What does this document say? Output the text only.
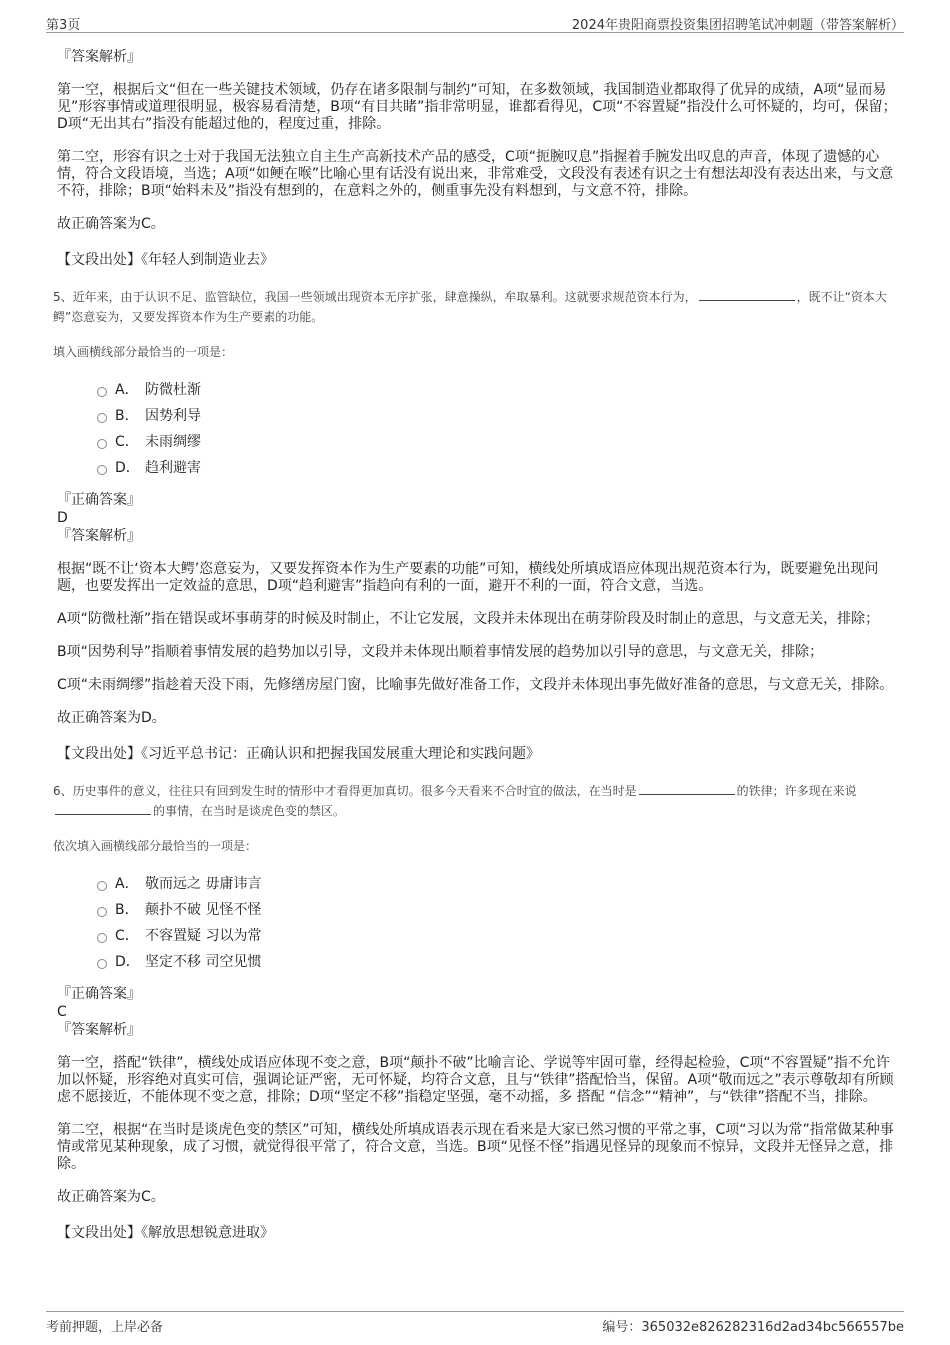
第3页	2024年贵阳商票投资集团招聘笔试冲刺题（带答案解析）

『答案解析』

第一空，根据后文“但在一些关键技术领域，仍存在诸多限制与制约”可知，在多数领域，我国制造业都取得了优异的成绩，A项“显而易见”形容事情或道理很明显，极容易看清楚，B项“有目共睹”指非常明显，谁都看得见，C项“不容置疑”指没什么可怀疑的，均可，保留；D项“无出其右”指没有能超过他的，程度过重，排除。

第二空，形容有识之士对于我国无法独立自主生产高新技术产品的感受，C项“扼腕叹息”指握着手腕发出叹息的声音，体现了遗憾的心情，符合文段语境，当选；A项“如鲠在喉”比喻心里有话没有说出来，非常难受，文段没有表述有识之士有想法却没有表达出来，与文意不符，排除；B项“始料未及”指没有想到的，在意料之外的，侧重事先没有料想到，与文意不符，排除。

故正确答案为C。

【文段出处】《年轻人到制造业去》

5、近年来，由于认识不足、监管缺位，我国一些领域出现资本无序扩张，肆意操纵，牟取暴利。这就要求规范资本行为，	，既不让“资本大鳄”恣意妄为，又要发挥资本作为生产要素的功能。

填入画横线部分最恰当的一项是：

A． 防微杜渐
B． 因势利导
C． 未雨绸缪
D． 趋利避害

『正确答案』

D

『答案解析』

根据“既不让‘资本大鳄’恣意妄为，又要发挥资本作为生产要素的功能”可知，横线处所填成语应体现出规范资本行为，既要避免出现问题，也要发挥出一定效益的意思，D项“趋利避害”指趋向有利的一面，避开不利的一面，符合文意，当选。

A项“防微杜渐”指在错误或坏事萌芽的时候及时制止，不让它发展，文段并未体现出在萌芽阶段及时制止的意思，与文意无关，排除；

B项“因势利导”指顺着事情发展的趋势加以引导，文段并未体现出顺着事情发展的趋势加以引导的意思，与文意无关，排除；

C项“未雨绸缪”指趁着天没下雨，先修缮房屋门窗，比喻事先做好准备工作，文段并未体现出事先做好准备的意思，与文意无关，排除。

故正确答案为D。

【文段出处】《习近平总书记：正确认识和把握我国发展重大理论和实践问题》

6、历史事件的意义，往往只有回到发生时的情形中才看得更加真切。很多今天看来不合时宜的做法，在当时是	的铁律；许多现在来说的事情，在当时是谈虎色变的禁区。

依次填入画横线部分最恰当的一项是：

A． 敬而远之 毋庸讳言
B． 颠扑不破 见怪不怪
C． 不容置疑 习以为常
D． 坚定不移 司空见惯

『正确答案』

C

『答案解析』

第一空，搭配“铁律”，横线处成语应体现不变之意，B项“颠扑不破”比喻言论、学说等牢固可靠，经得起检验，C项“不容置疑”指不允许加以怀疑，形容绝对真实可信，强调论证严密，无可怀疑，均符合文意，且与“铁律”搭配恰当，保留。A项“敬而远之”表示尊敬却有所顾虑不愿接近，不能体现不变之意，排除；D项“坚定不移”指稳定坚强，毫不动摇，多 搭配 “信念”“精神”，与“铁律”搭配不当，排除。

第二空，根据“在当时是谈虎色变的禁区”可知，横线处所填成语表示现在看来是大家已然习惯的平常之事，C项“习以为常”指常做某种事情或常见某种现象，成了习惯，就觉得很平常了，符合文意，当选。B项“见怪不怪”指遇见怪异的现象而不惊异，文段并无怪异之意，排除。

故正确答案为C。

【文段出处】《解放思想锐意进取》

考前押题，上岸必备	编号：365032e826282316d2ad34bc566557be
